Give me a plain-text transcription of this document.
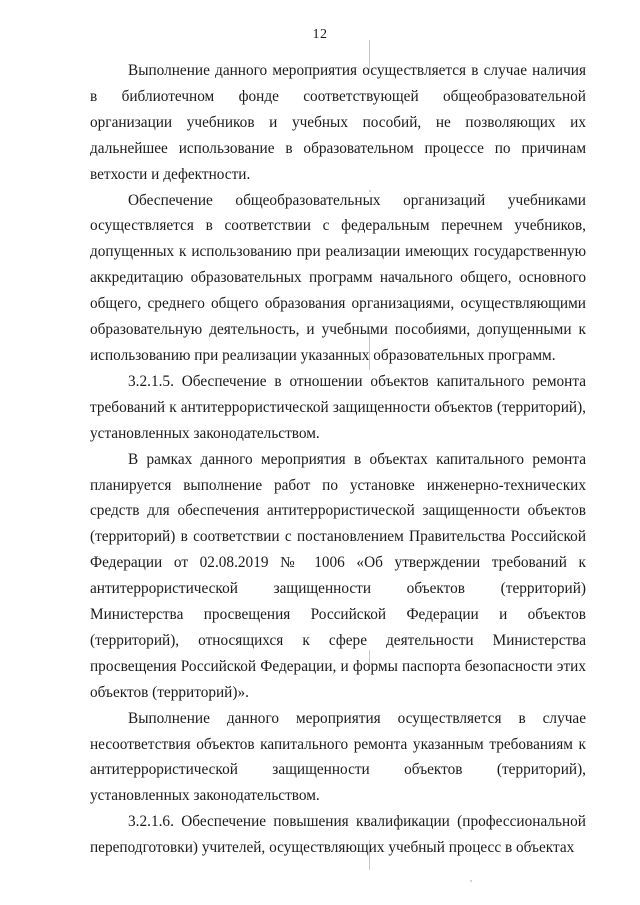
12

Выполнение данного мероприятия осуществляется в случае наличия в библиотечном фонде соответствующей общеобразовательной организации учебников и учебных пособий, не позволяющих их дальнейшее использование в образовательном процессе по причинам ветхости и дефектности.

Обеспечение общеобразовательных организаций учебниками осуществляется в соответствии с федеральным перечнем учебников, допущенных к использованию при реализации имеющих государственную аккредитацию образовательных программ начального общего, основного общего, среднего общего образования организациями, осуществляющими образовательную деятельность, и учебными пособиями, допущенными к использованию при реализации указанных образовательных программ.

3.2.1.5. Обеспечение в отношении объектов капитального ремонта требований к антитеррористической защищенности объектов (территорий), установленных законодательством.

В рамках данного мероприятия в объектах капитального ремонта планируется выполнение работ по установке инженерно-технических средств для обеспечения антитеррористической защищенности объектов (территорий) в соответствии с постановлением Правительства Российской Федерации от 02.08.2019 № 1006 «Об утверждении требований к антитеррористической защищенности объектов (территорий) Министерства просвещения Российской Федерации и объектов (территорий), относящихся к сфере деятельности Министерства просвещения Российской Федерации, и формы паспорта безопасности этих объектов (территорий)».

Выполнение данного мероприятия осуществляется в случае несоответствия объектов капитального ремонта указанным требованиям к антитеррористической защищенности объектов (территорий), установленных законодательством.

3.2.1.6. Обеспечение повышения квалификации (профессиональной переподготовки) учителей, осуществляющих учебный процесс в объектах
